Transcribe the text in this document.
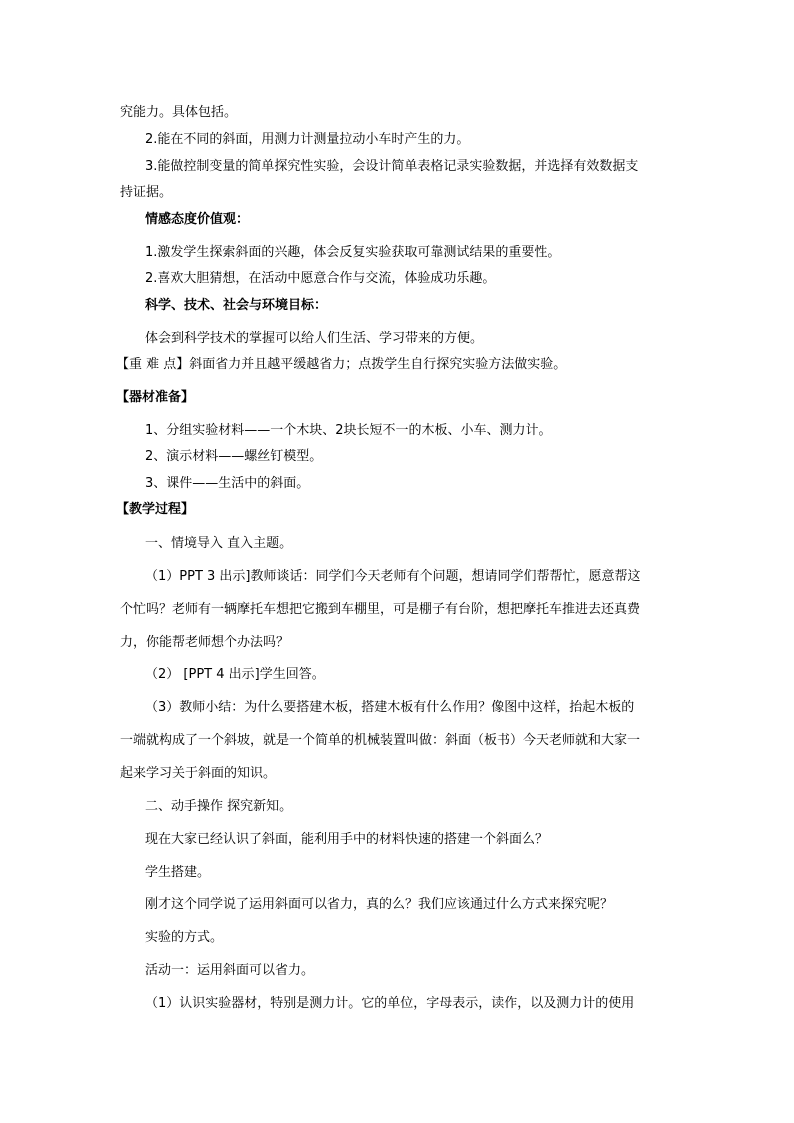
究能力。具体包括。
2.能在不同的斜面，用测力计测量拉动小车时产生的力。
3.能做控制变量的简单探究性实验，会设计简单表格记录实验数据，并选择有效数据支
持证据。
情感态度价值观：
1.激发学生探索斜面的兴趣，体会反复实验获取可靠测试结果的重要性。
2.喜欢大胆猜想，在活动中愿意合作与交流，体验成功乐趣。
科学、技术、社会与环境目标：
体会到科学技术的掌握可以给人们生活、学习带来的方便。
【重 难 点】斜面省力并且越平缓越省力；点拨学生自行探究实验方法做实验。
【器材准备】
1、分组实验材料——一个木块、2块长短不一的木板、小车、测力计。
2、演示材料——螺丝钉模型。
3、课件——生活中的斜面。
【教学过程】
一、情境导入 直入主题。
（1）PPT 3 出示]教师谈话：同学们今天老师有个问题，想请同学们帮帮忙，愿意帮这
个忙吗？老师有一辆摩托车想把它搬到车棚里，可是棚子有台阶，想把摩托车推进去还真费
力，你能帮老师想个办法吗？
（2） [PPT 4 出示]学生回答。
（3）教师小结：为什么要搭建木板，搭建木板有什么作用？像图中这样，抬起木板的
一端就构成了一个斜坡，就是一个简单的机械装置叫做：斜面（板书）今天老师就和大家一
起来学习关于斜面的知识。
二、动手操作 探究新知。
现在大家已经认识了斜面，能利用手中的材料快速的搭建一个斜面么？
学生搭建。
刚才这个同学说了运用斜面可以省力，真的么？我们应该通过什么方式来探究呢？
实验的方式。
活动一：运用斜面可以省力。
（1）认识实验器材，特别是测力计。它的单位，字母表示，读作，以及测力计的使用
